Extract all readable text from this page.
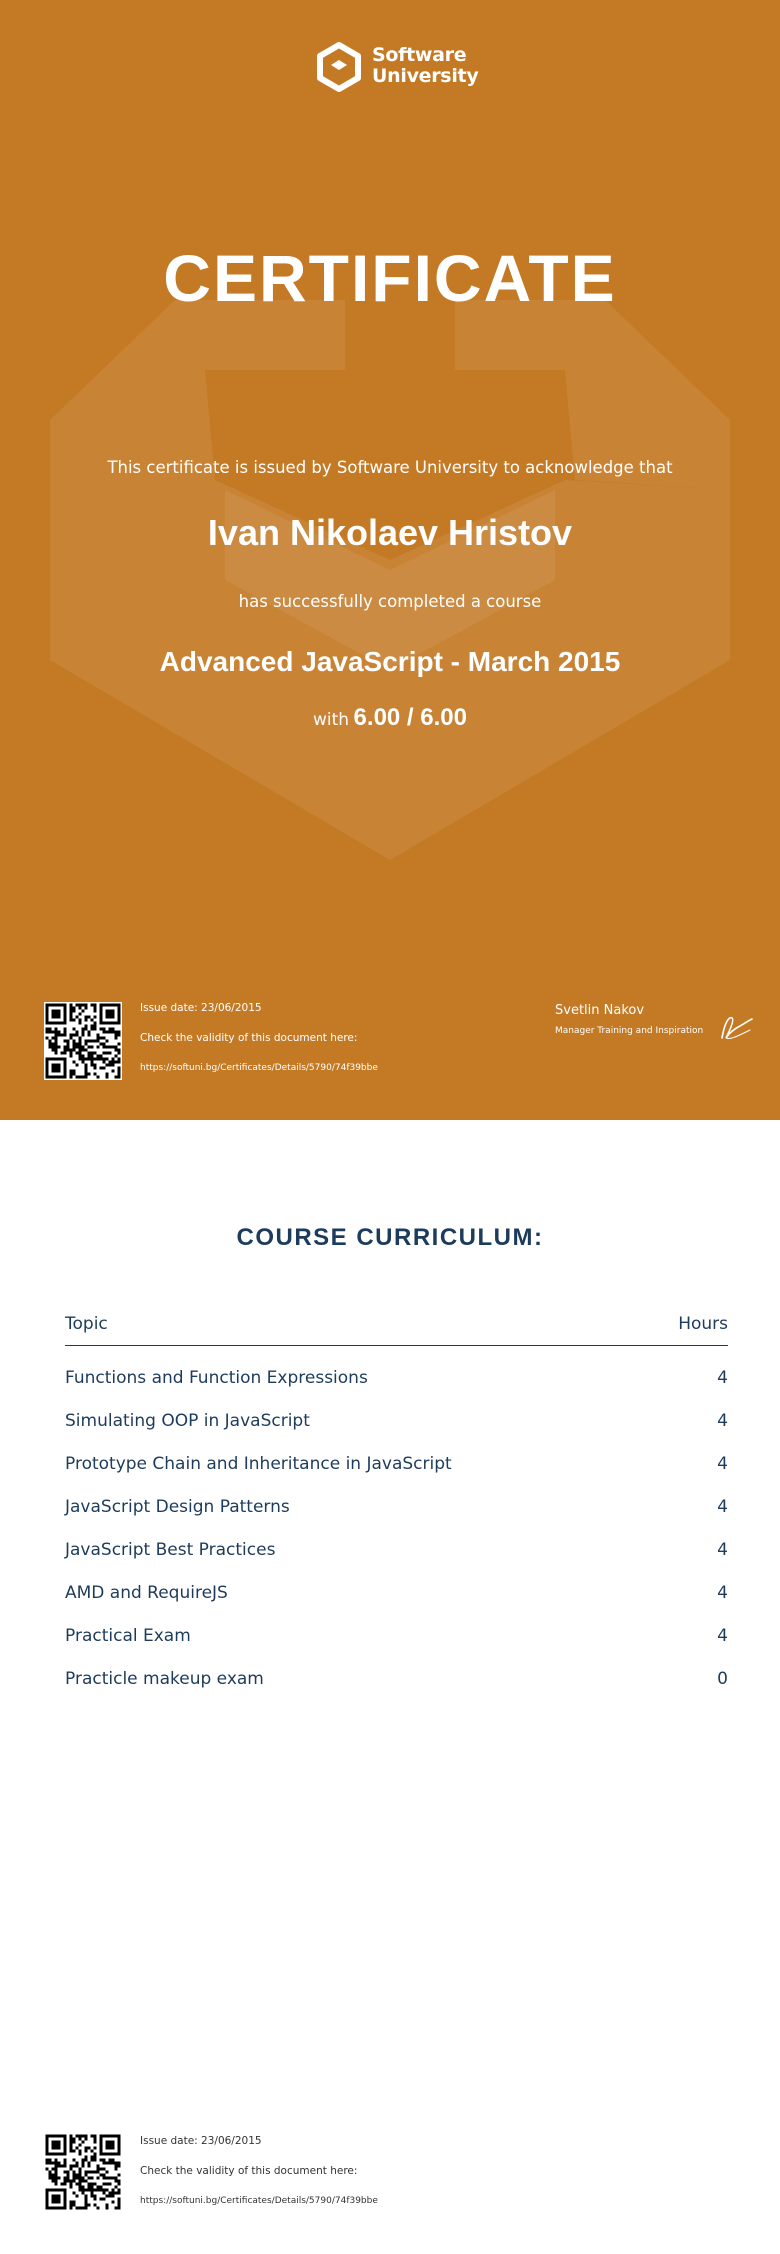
Software
University
CERTIFICATE
This certificate is issued by Software University to acknowledge that
Ivan Nikolaev Hristov
has successfully completed a course
Advanced JavaScript - March 2015
with 6.00 / 6.00
Issue date: 23/06/2015
Check the validity of this document here:
https://softuni.bg/Certificates/Details/5790/74f39bbe
Svetlin Nakov
Manager Training and Inspiration
COURSE CURRICULUM:
Topic	Hours
Functions and Function Expressions	4
Simulating OOP in JavaScript	4
Prototype Chain and Inheritance in JavaScript	4
JavaScript Design Patterns	4
JavaScript Best Practices	4
AMD and RequireJS	4
Practical Exam	4
Practicle makeup exam	0
Issue date: 23/06/2015
Check the validity of this document here:
https://softuni.bg/Certificates/Details/5790/74f39bbe
